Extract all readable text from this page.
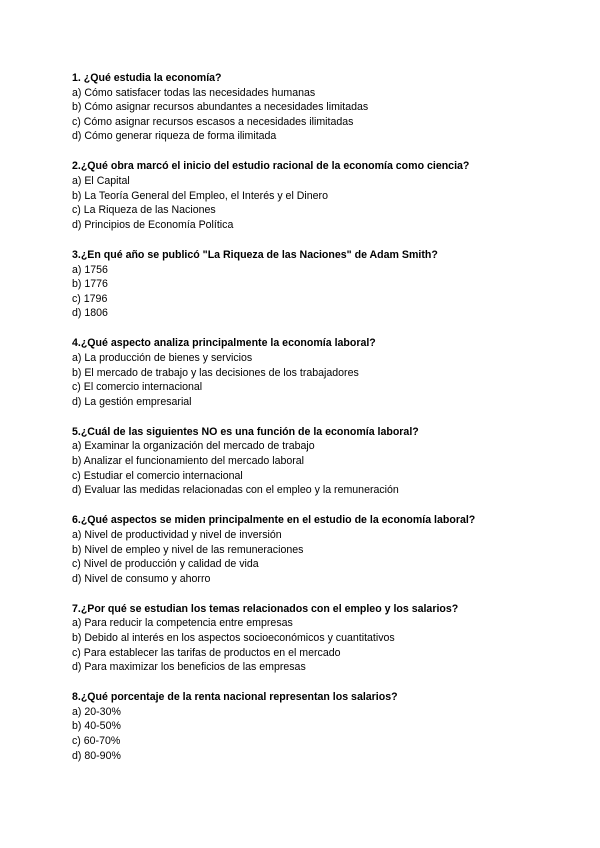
1. ¿Qué estudia la economía?
a) Cómo satisfacer todas las necesidades humanas
b) Cómo asignar recursos abundantes a necesidades limitadas
c) Cómo asignar recursos escasos a necesidades ilimitadas
d) Cómo generar riqueza de forma ilimitada
2.¿Qué obra marcó el inicio del estudio racional de la economía como ciencia?
a) El Capital
b) La Teoría General del Empleo, el Interés y el Dinero
c) La Riqueza de las Naciones
d) Principios de Economía Política
3.¿En qué año se publicó "La Riqueza de las Naciones" de Adam Smith?
a) 1756
b) 1776
c) 1796
d) 1806
4.¿Qué aspecto analiza principalmente la economía laboral?
a) La producción de bienes y servicios
b) El mercado de trabajo y las decisiones de los trabajadores
c) El comercio internacional
d) La gestión empresarial
5.¿Cuál de las siguientes NO es una función de la economía laboral?
a) Examinar la organización del mercado de trabajo
b) Analizar el funcionamiento del mercado laboral
c) Estudiar el comercio internacional
d) Evaluar las medidas relacionadas con el empleo y la remuneración
6.¿Qué aspectos se miden principalmente en el estudio de la economía laboral?
a) Nivel de productividad y nivel de inversión
b) Nivel de empleo y nivel de las remuneraciones
c) Nivel de producción y calidad de vida
d) Nivel de consumo y ahorro
7.¿Por qué se estudian los temas relacionados con el empleo y los salarios?
a) Para reducir la competencia entre empresas
b) Debido al interés en los aspectos socioeconómicos y cuantitativos
c) Para establecer las tarifas de productos en el mercado
d) Para maximizar los beneficios de las empresas
8.¿Qué porcentaje de la renta nacional representan los salarios?
a) 20-30%
b) 40-50%
c) 60-70%
d) 80-90%
